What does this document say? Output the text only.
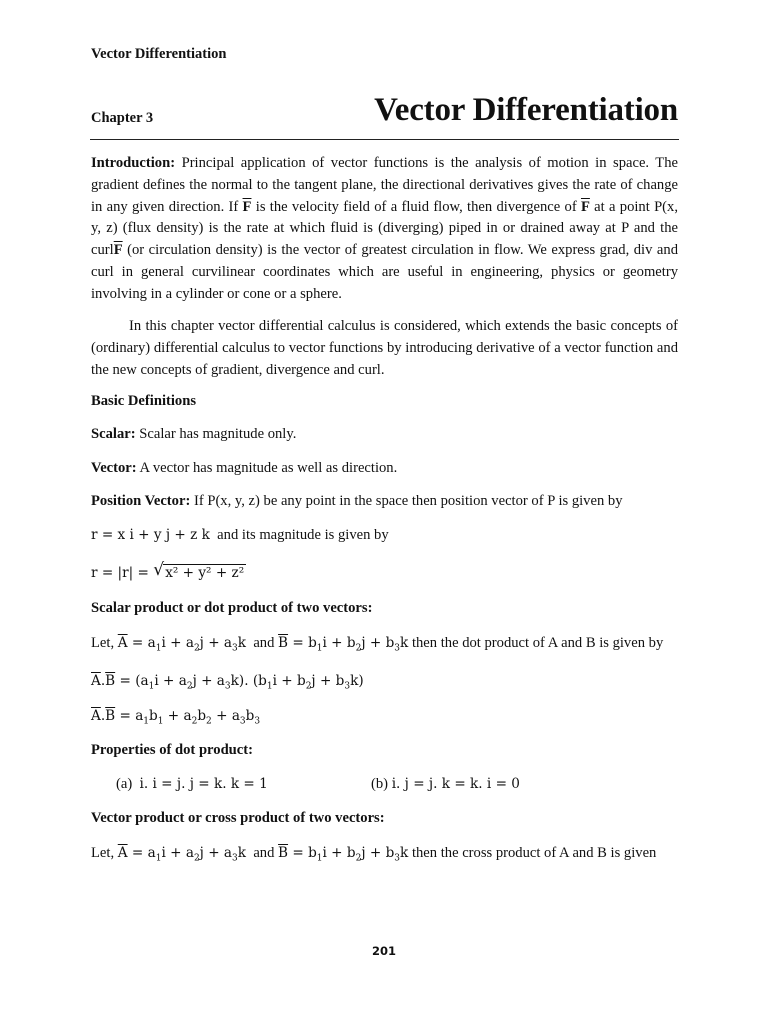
Vector Differentiation
Chapter 3	Vector Differentiation

Introduction: Principal application of vector functions is the analysis of motion in space. The gradient defines the normal to the tangent plane, the directional derivatives gives the rate of change in any given direction. If $\overline{F}$ is the velocity field of a fluid flow, then divergence of $\overline{F}$ at a point P(x, y, z) (flux density) is the rate at which fluid is (diverging) piped in or drained away at P and the $curl\overline{F}$ (or circulation density) is the vector of greatest circulation in flow. We express grad, div and curl in general curvilinear coordinates which are useful in engineering, physics or geometry involving in a cylinder or cone or a sphere.

In this chapter vector differential calculus is considered, which extends the basic concepts of (ordinary) differential calculus to vector functions by introducing derivative of a vector function and the new concepts of gradient, divergence and curl.

Basic Definitions
Scalar: Scalar has magnitude only.
Vector: A vector has magnitude as well as direction.
Position Vector: If P(x, y, z) be any point in the space then position vector of P is given by
r = x i + y j + z k and its magnitude is given by
r = |r| = √ x² + y² + z²
Scalar product or dot product of two vectors:
Let, $\overline{A} = a_1i + a_2j + a_3k$ and $\overline{B} = b_1i + b_2j + b_3k$ then the dot product of A and B is given by
$\overline{A}.\overline{B} = (a_1i + a_2j + a_3k)$. $(b_1i + b_2j + b_3k)$
$\overline{A}.\overline{B} = a_1b_1 + a_2b_2 + a_3b_3$
Properties of dot product:
(a) i. i = j. j = k. k = 1	(b) i. j = j. k = k. i = 0
Vector product or cross product of two vectors:
Let, $\overline{A} = a_1i + a_2j + a_3k$ and $\overline{B} = b_1i + b_2j + b_3k$ then the cross product of A and B is given
201
